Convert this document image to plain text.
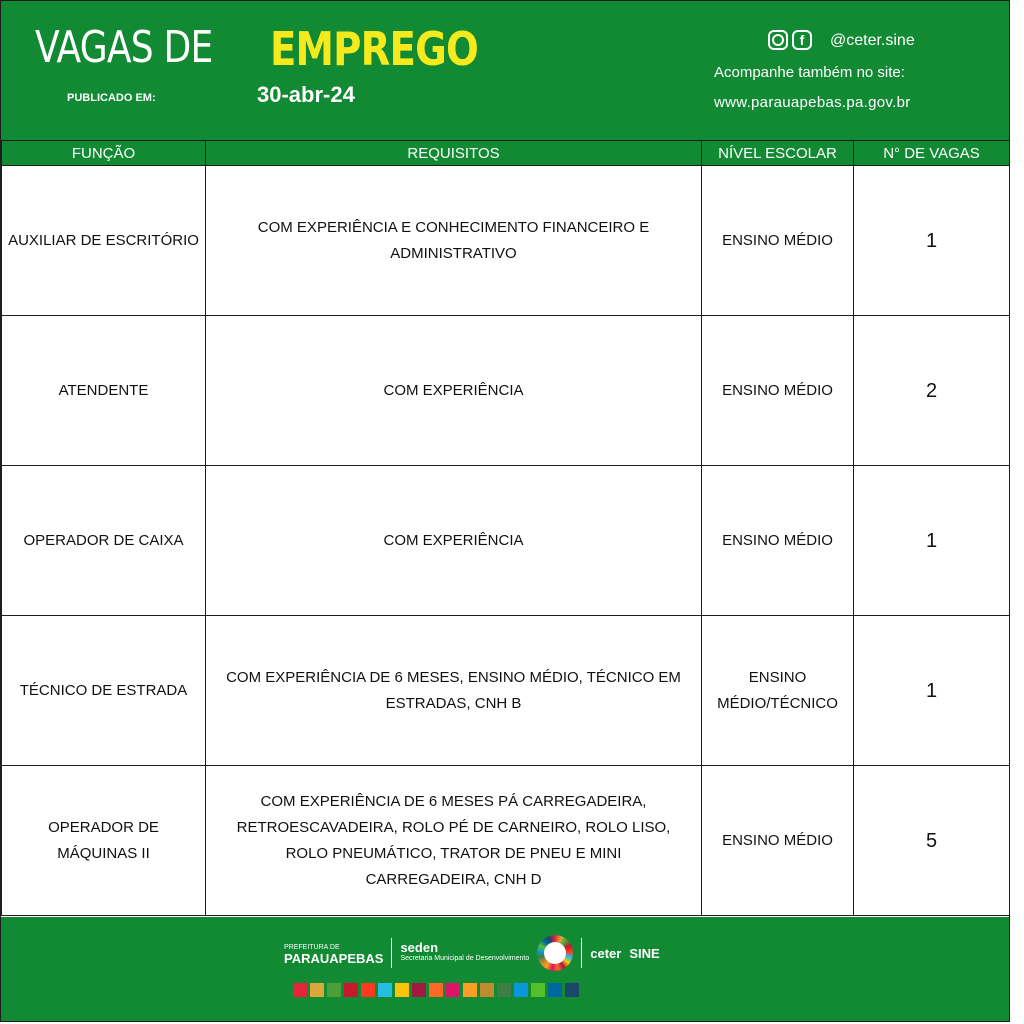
VAGAS DE EMPREGO
PUBLICADO EM:	30-abr-24
f	@ceter.sine
Acompanhe também no site:
www.parauapebas.pa.gov.br
FUNÇÃO	REQUISITOS	NÍVEL ESCOLAR	N° DE VAGAS
AUXILIAR DE ESCRITÓRIO	COM EXPERIÊNCIA E CONHECIMENTO FINANCEIRO E ADMINISTRATIVO	ENSINO MÉDIO	1
ATENDENTE	COM EXPERIÊNCIA	ENSINO MÉDIO	2
OPERADOR DE CAIXA	COM EXPERIÊNCIA	ENSINO MÉDIO	1
TÉCNICO DE ESTRADA	COM EXPERIÊNCIA DE 6 MESES, ENSINO MÉDIO, TÉCNICO EM ESTRADAS, CNH B	ENSINO MÉDIO/TÉCNICO	1
OPERADOR DE MÁQUINAS II	COM EXPERIÊNCIA DE 6 MESES PÁ CARREGADEIRA, RETROESCAVADEIRA, ROLO PÉ DE CARNEIRO, ROLO LISO, ROLO PNEUMÁTICO, TRATOR DE PNEU E MINI CARREGADEIRA, CNH D	ENSINO MÉDIO	5
PREFEITURA DE
PARAUAPEBAS
seden
Secretaria Municipal de Desenvolvimento	ceter SINE
